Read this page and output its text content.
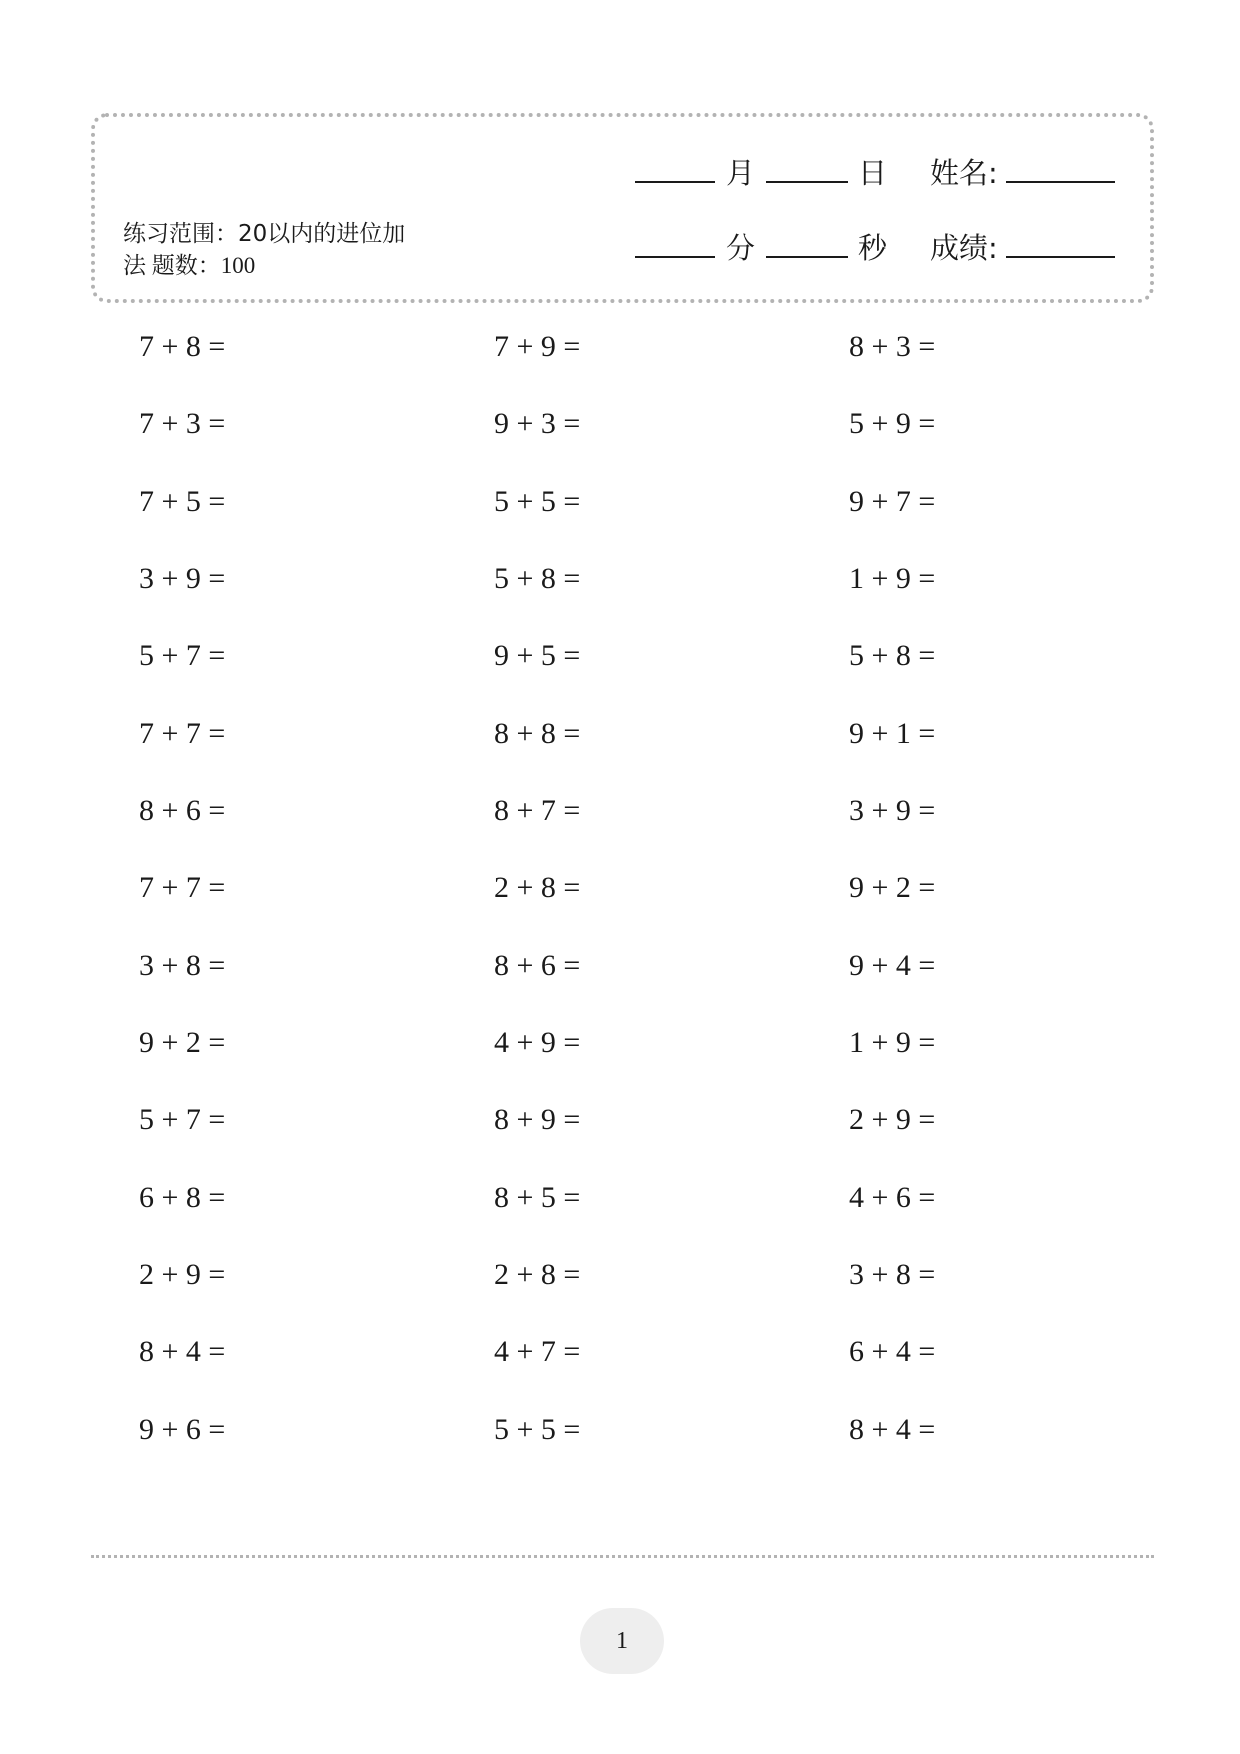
练习范围：20以内的进位加
法 题数：100
月	日 姓名:
分	秒 成绩:
7 + 8 =
7 + 3 =
7 + 5 =
3 + 9 =
5 + 7 =
7 + 7 =
8 + 6 =
7 + 7 =
3 + 8 =
9 + 2 =
5 + 7 =
6 + 8 =
2 + 9 =
8 + 4 =
9 + 6 =
7 + 9 =
9 + 3 =
5 + 5 =
5 + 8 =
9 + 5 =
8 + 8 =
8 + 7 =
2 + 8 =
8 + 6 =
4 + 9 =
8 + 9 =
8 + 5 =
2 + 8 =
4 + 7 =
5 + 5 =
8 + 3 =
5 + 9 =
9 + 7 =
1 + 9 =
5 + 8 =
9 + 1 =
3 + 9 =
9 + 2 =
9 + 4 =
1 + 9 =
2 + 9 =
4 + 6 =
3 + 8 =
6 + 4 =
8 + 4 =
1
